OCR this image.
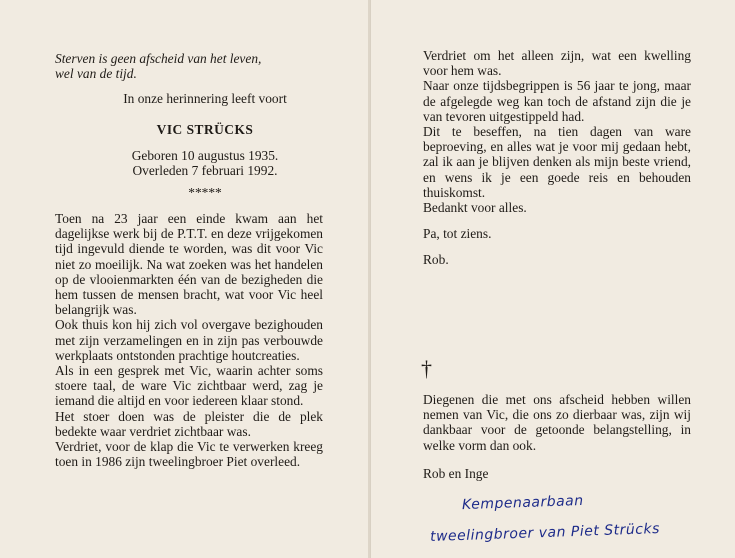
Sterven is geen afscheid van het leven,
wel van de tijd.
In onze herinnering leeft voort
VIC STRÜCKS
Geboren 10 augustus 1935.
Overleden 7 februari 1992.
*****
Toen na 23 jaar een einde kwam aan het dagelijkse werk bij de P.T.T. en deze vrijgekomen tijd ingevuld diende te worden, was dit voor Vic niet zo moeilijk. Na wat zoeken was het handelen op de vlooienmarkten één van de bezigheden die hem tussen de mensen bracht, wat voor Vic heel belangrijk was.
Ook thuis kon hij zich vol overgave bezighouden met zijn verzamelingen en in zijn pas verbouwde werkplaats ontstonden prachtige houtcreaties.
Als in een gesprek met Vic, waarin achter soms stoere taal, de ware Vic zichtbaar werd, zag je iemand die altijd en voor iedereen klaar stond.
Het stoer doen was de pleister die de plek bedekte waar verdriet zichtbaar was.
Verdriet, voor de klap die Vic te verwerken kreeg toen in 1986 zijn tweelingbroer Piet overleed.
Verdriet om het alleen zijn, wat een kwelling voor hem was.
Naar onze tijdsbegrippen is 56 jaar te jong, maar de afgelegde weg kan toch de afstand zijn die je van tevoren uitgestippeld had.
Dit te beseffen, na tien dagen van ware beproeving, en alles wat je voor mij gedaan hebt, zal ik aan je blijven denken als mijn beste vriend, en wens ik je een goede reis en behouden thuiskomst.
Bedankt voor alles.
Pa, tot ziens.
Rob.
†
Diegenen die met ons afscheid hebben willen nemen van Vic, die ons zo dierbaar was, zijn wij dankbaar voor de getoonde belangstelling, in welke vorm dan ook.
Rob en Inge
Kempenaarbaan
tweelingbroer van Piet Strücks
